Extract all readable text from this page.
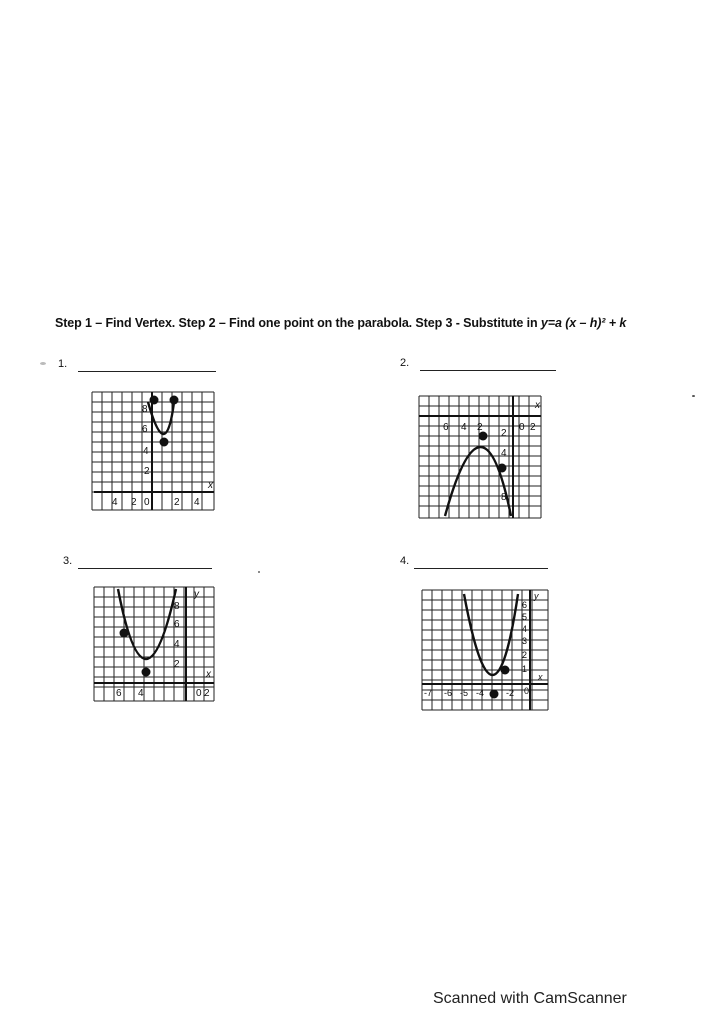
Step 1 – Find Vertex. Step 2 – Find one point on the parabola. Step 3 - Substitute in y=a (x – h)² + k
1.
8
6
4
2
4 2 0 2 4
x
2.
6 4 2
2
0 2
4
8
x
3.
8
6
4
2
6 4	0 2
x
y
4.
6
5
4
3
2
1
-7 -6 -5 -4 -2 0
x
y
Scanned with CamScanner
